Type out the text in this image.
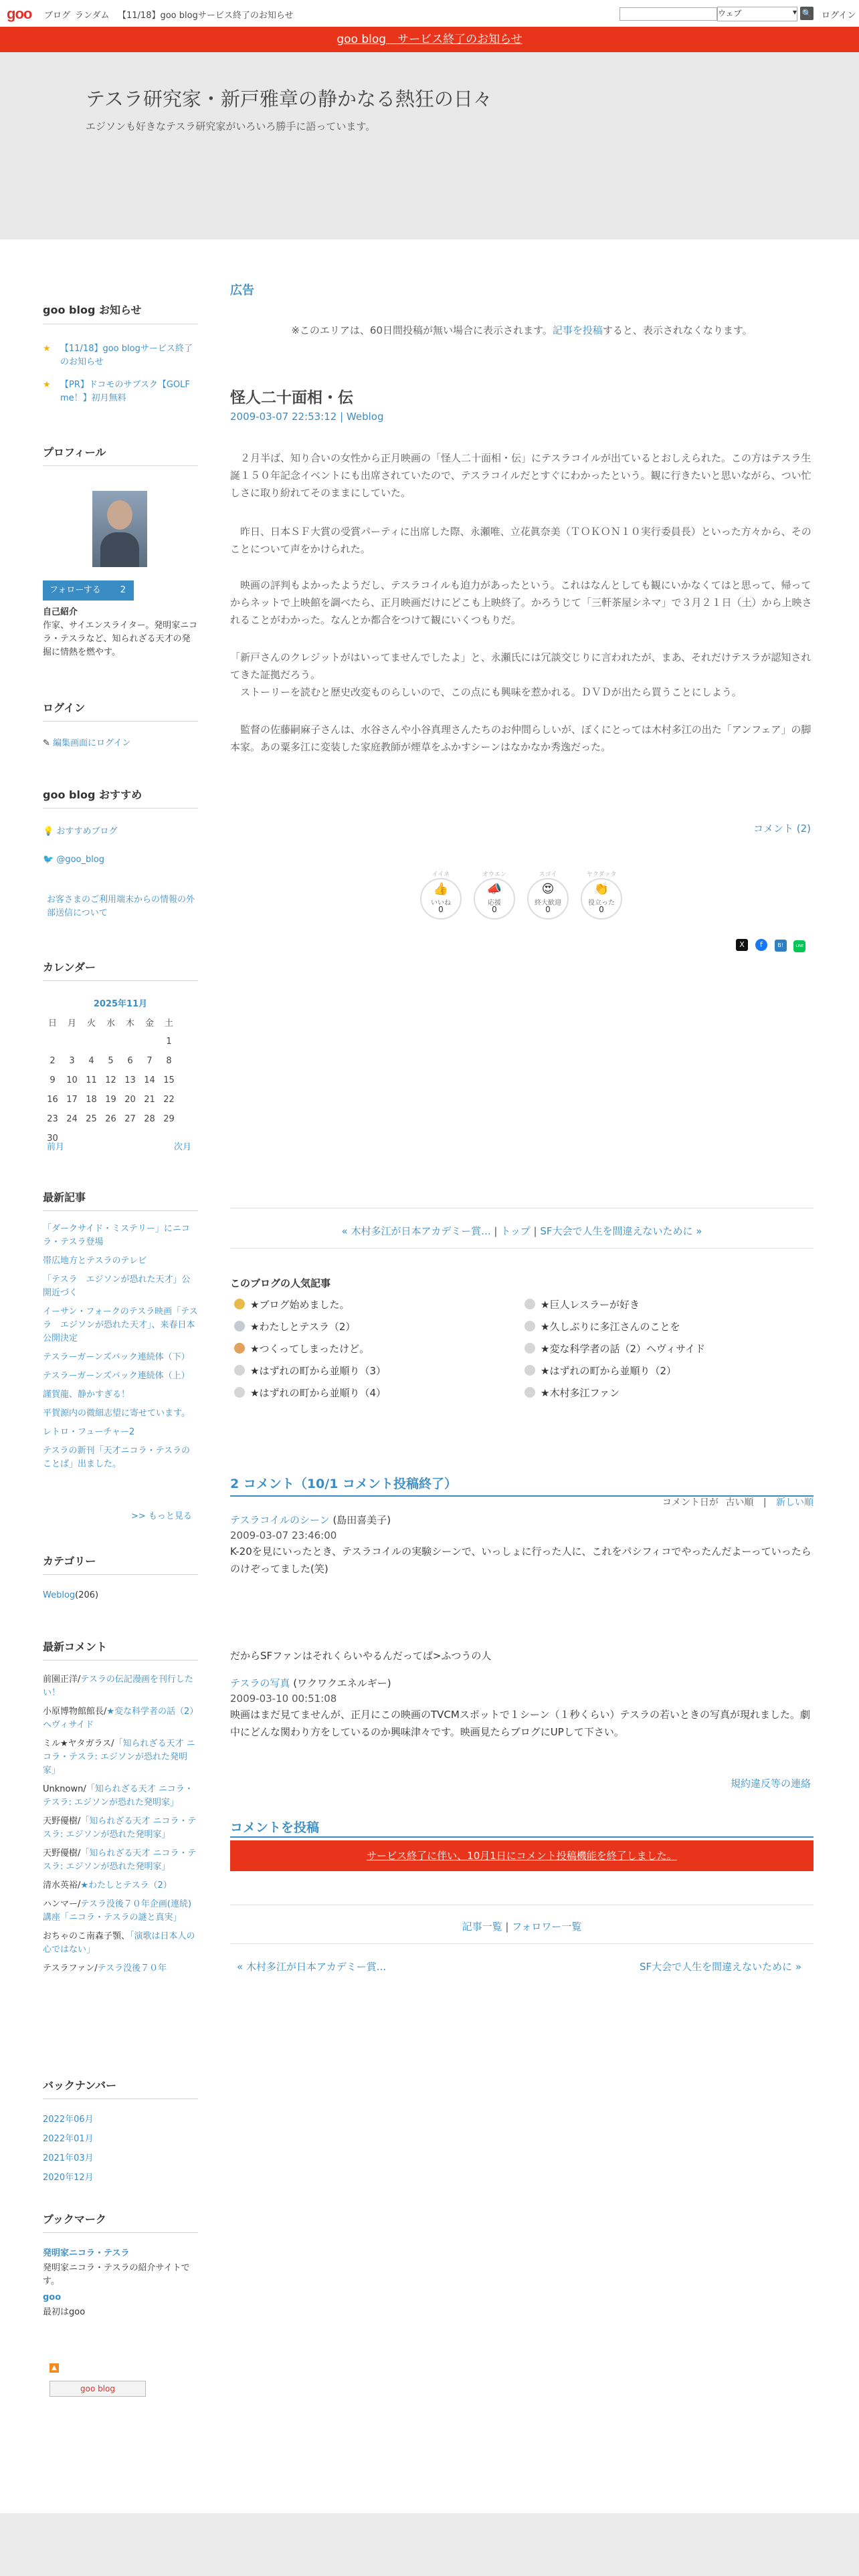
goo ブログ ランダム 【11/18】goo blogサービス終了のお知らせ	ウェブ	▾ 🔍 ログイン
goo blog　サービス終了のお知らせ
テスラ研究家・新戸雅章の静かなる熱狂の日々
エジソンも好きなテスラ研究家がいろいろ勝手に語っています。
goo blog お知らせ
★ 【11/18】goo blogサービス終了のお知らせ
★ 【PR】ドコモのサブスク【GOLF me！】初月無料
プロフィール
フォローする 2
自己紹介
作家、サイエンスライター。発明家ニコラ・テスラなど、知られざる天才の発掘に情熱を燃やす。
ログイン
✎ 編集画面にログイン
goo blog おすすめ
💡 おすすめブログ
🐦 @goo_blog
お客さまのご利用端末からの情報の外部送信について
カレンダー
2025年11月
日	月	火	水	木	金	土
						1
2	3	4	5	6	7	8
9	10	11	12	13	14	15
16	17	18	19	20	21	22
23	24	25	26	27	28	29
30						
前月	次月
最新記事
「ダークサイド・ミステリー」にニコラ・テスラ登場
帯広地方とテスラのテレビ
「テスラ　エジソンが恐れた天才」公開近づく
イーサン・フォークのテスラ映画「テスラ　エジソンが恐れた天才」、来春日本公開決定
テスラーガーンズバック連続体（下）
テスラーガーンズバック連続体（上）
謹賀龍、静かすぎる！
平賀源内の微細志望に寄せています。
レトロ・フューチャー2
テスラの新刊「天才ニコラ・テスラのことば」出ました。
>> もっと見る
カテゴリー
Weblog(206)
最新コメント
前園正洋/テスラの伝記漫画を刊行したい！
小原博物館館長/★変な科学者の話（2）ヘヴィサイド
ミル★ヤタガラス/「知られざる天才 ニコラ・テスラ: エジソンが恐れた発明家」
Unknown/「知られざる天才 ニコラ・テスラ: エジソンが恐れた発明家」
天野優樹/「知られざる天才 ニコラ・テスラ: エジソンが恐れた発明家」
天野優樹/「知られざる天才 ニコラ・テスラ: エジソンが恐れた発明家」
清水英裕/★わたしとテスラ（2）
ハンマー/テスラ没後７０年企画(連続)講座「ニコラ・テスラの謎と真実」
おちゃのこ南森子顎、「演歌は日本人の心ではない」
テスラファン/テスラ没後７０年
バックナンバー
2022年06月
2022年01月
2021年03月
2020年12月
ブックマーク
発明家ニコラ・テスラ
発明家ニコラ・テスラの紹介サイトです。
goo
最初はgoo
▲
goo blog
広告
※このエリアは、60日間投稿が無い場合に表示されます。記事を投稿すると、表示されなくなります。
怪人二十面相・伝
2009-03-07 22:53:12 | Weblog
　２月半ば、知り合いの女性から正月映画の「怪人二十面相・伝」にテスラコイルが出ているとおしえられた。この方はテスラ生誕１５０年記念イベントにも出席されていたので、テスラコイルだとすぐにわかったという。観に行きたいと思いながら、つい忙しさに取り紛れてそのままにしていた。
　昨日、日本ＳＦ大賞の受賞パーティに出席した際、永瀬唯、立花眞奈美（ＴＯＫＯＮ１０実行委員長）といった方々から、そのことについて声をかけられた。
　映画の評判もよかったようだし、テスラコイルも迫力があったという。これはなんとしても観にいかなくてはと思って、帰ってからネットで上映館を調べたら、正月映画だけにどこも上映終了。かろうじて「三軒茶屋シネマ」で３月２１日（土）から上映されることがわかった。なんとか都合をつけて観にいくつもりだ。
「新戸さんのクレジットがはいってませんでしたよ」と、永瀬氏には冗談交じりに言われたが、まあ、それだけテスラが認知されてきた証拠だろう。
　ストーリーを読むと歴史改変ものらしいので、この点にも興味を惹かれる。ＤＶＤが出たら買うことにしよう。
　監督の佐藤嗣麻子さんは、水谷さんや小谷真理さんたちのお仲間らしいが、ぼくにとっては木村多江の出た「アンフェア」の脚本家。あの粟多江に変装した家庭教師が煙草をふかすシーンはなかなか秀逸だった。
コメント (2)
イイネ
👍
いいね
0
オウエン
📣
応援
0
スゴイ
😍
終大歓迎
0
ヤクダッタ
👏
役立った
0
X f	B!	LINE
« 木村多江が日本アカデミー賞... | トップ | SF大会で人生を間違えないために »
このブログの人気記事
★ブログ始めました。
★わたしとテスラ（2）
★つくってしまったけど。
★はずれの町から並順り（3）
★はずれの町から並順り（4）
★巨人レスラーが好き
★久しぶりに多江さんのことを
★変な科学者の話（2）ヘヴィサイド
★はずれの町から並順り（2）
★木村多江ファン
2 コメント（10/1 コメント投稿終了）
コメント日が 古い順 | 新しい順
テスラコイルのシーン (島田喜美子)
2009-03-07 23:46:00
K-20を見にいったとき、テスラコイルの実験シーンで、いっしょに行った人に、これをパシフィコでやったんだよーっていったらのけぞってました(笑)

だからSFファンはそれくらいやるんだってば>ふつうの人
テスラの写真 (ワクワクエネルギー)
2009-03-10 00:51:08
映画はまだ見てませんが、正月にこの映画のTVCMスポットで１シーン（１秒くらい）テスラの若いときの写真が現れました。劇中にどんな関わり方をしているのか興味津々です。映画見たらブログにUPして下さい。
規約違反等の連絡
コメントを投稿
サービス終了に伴い、10月1日にコメント投稿機能を終了しました。
記事一覧 | フォロワー一覧
« 木村多江が日本アカデミー賞...	SF大会で人生を間違えないために »
